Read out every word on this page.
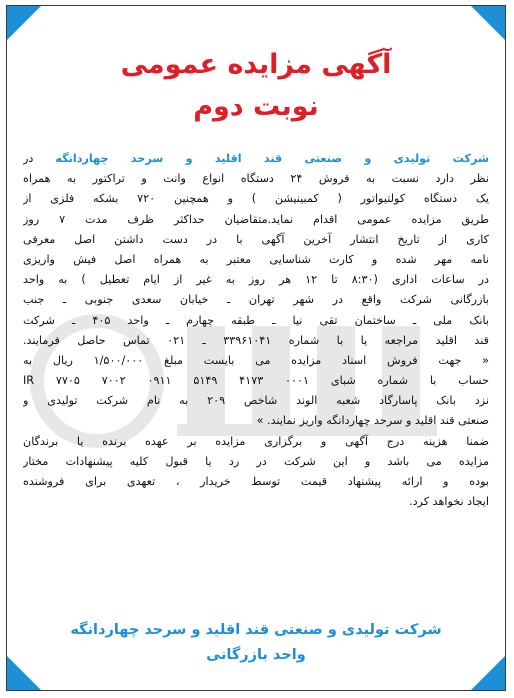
آگهی مزایده عمومی
نوبت دوم
شرکت تولیدی و صنعتی قند اقلید و سرحد چهاردانگه در
نظر دارد نسبت به فروش ۲۴ دستگاه انواع وانت و تراکتور به همراه
یک دستگاه کولتیواتور ( کمبینیشن ) و همچنین ۷۲۰ بشکه فلزی از
طریق مزایده عمومی اقدام نماید.متقاضیان حداکثر ظرف مدت ۷ روز
کاری از تاریخ انتشار آخرین آگهی با در دست داشتن اصل معرفی
نامه مهر شده و کارت شناسایی معتبر به همراه اصل فیش واریزی
در ساعات اداری (۸:۳۰ تا ۱۲ هر روز به غیر از ایام تعطیل ) به واحد
بازرگانی شرکت واقع در شهر تهران ـ خیابان سعدی جنوبی ـ جنب
بانک ملی ـ ساختمان تقی نیا ـ طبقه چهارم ـ واحد ۴۰۵ ـ شرکت
قند اقلید مراجعه یا با شماره ۳۳۹۶۱۰۴۱ ـ ۰۲۱ تماس حاصل فرمایند.
« جهت فروش اسناد مزایده می بایست مبلغ ۱/۵۰۰/۰۰۰ ریال به
حساب با شماره شبای IR ۷۷۰۵ ۷۰۰۲ ۰۹۱۱ ۵۱۴۹ ۴۱۷۳ ۰۰۰۱
نزد بانک پاسارگاد شعبه الوند شاخص ۲۰۹ به نام شرکت تولیدی و
صنعتی قند اقلید و سرحد چهاردانگه واریز نمایند. »
ضمنا هزینه درج آگهی و برگزاری مزایده بر عهده برنده یا برندگان
مزایده می باشد و این شرکت در رد یا قبول کلیه پیشنهادات مختار
بوده و ارائه پیشنهاد قیمت توسط خریدار ، تعهدی برای فروشنده
ایجاد نخواهد کرد.
شرکت تولیدی و صنعتی قند اقلید و سرحد چهاردانگه
واحد بازرگانی
